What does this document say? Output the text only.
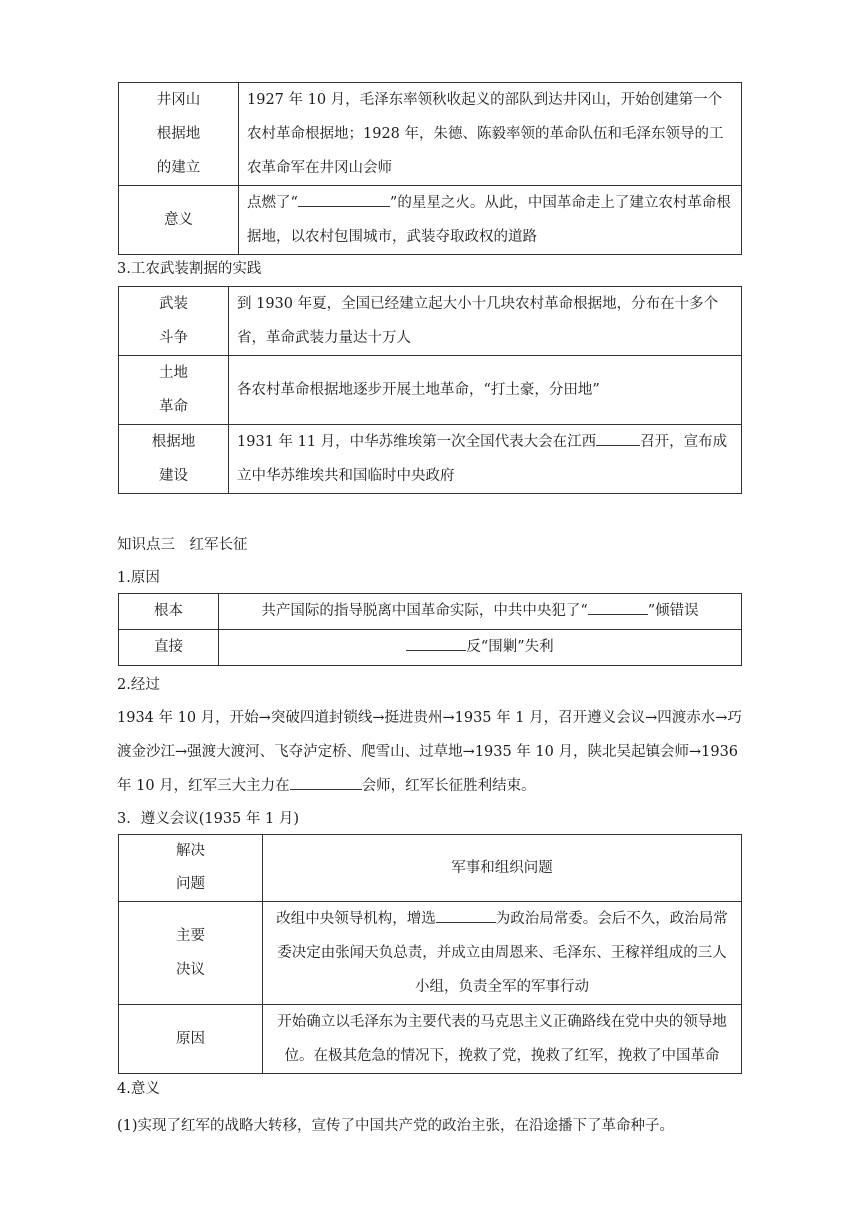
井冈山
根据地
的建立	1927 年 10 月，毛泽东率领秋收起义的部队到达井冈山，开始创建第一个农村革命根据地；1928 年，朱德、陈毅率领的革命队伍和毛泽东领导的工农革命军在井冈山会师

意义	点燃了“ ”的星星之火。从此，中国革命走上了建立农村革命根据地，以农村包围城市，武装夺取政权的道路
3.工农武装割据的实践
武装
斗争	到 1930 年夏，全国已经建立起大小十几块农村革命根据地，分布在十多个省，革命武装力量达十万人

土地
革命	各农村革命根据地逐步开展土地革命，“打土豪，分田地”

根据地
建设	1931 年 11 月，中华苏维埃第一次全国代表大会在江西 召开，宣布成立中华苏维埃共和国临时中央政府
知识点三　红军长征
1.原因
根本	共产国际的指导脱离中国革命实际，中共中央犯了“ ”倾错误
直接	反“围剿”失利
2.经过
1934 年 10 月，开始→突破四道封锁线→挺进贵州→1935 年 1 月，召开遵义会议→四渡赤水→巧渡金沙江→强渡大渡河、飞夺泸定桥、爬雪山、过草地→1935 年 10 月，陕北吴起镇会师→1936 年 10 月，红军三大主力在	会师，红军长征胜利结束。
3．遵义会议(1935 年 1 月)
解决
问题	军事和组织问题

主要
决议	改组中央领导机构，增选 为政治局常委。会后不久，政治局常委决定由张闻天负总责，并成立由周恩来、毛泽东、王稼祥组成的三人小组，负责全军的军事行动

原因	开始确立以毛泽东为主要代表的马克思主义正确路线在党中央的领导地位。在极其危急的情况下，挽救了党，挽救了红军，挽救了中国革命
4.意义
(1)实现了红军的战略大转移，宣传了中国共产党的政治主张，在沿途播下了革命种子。
